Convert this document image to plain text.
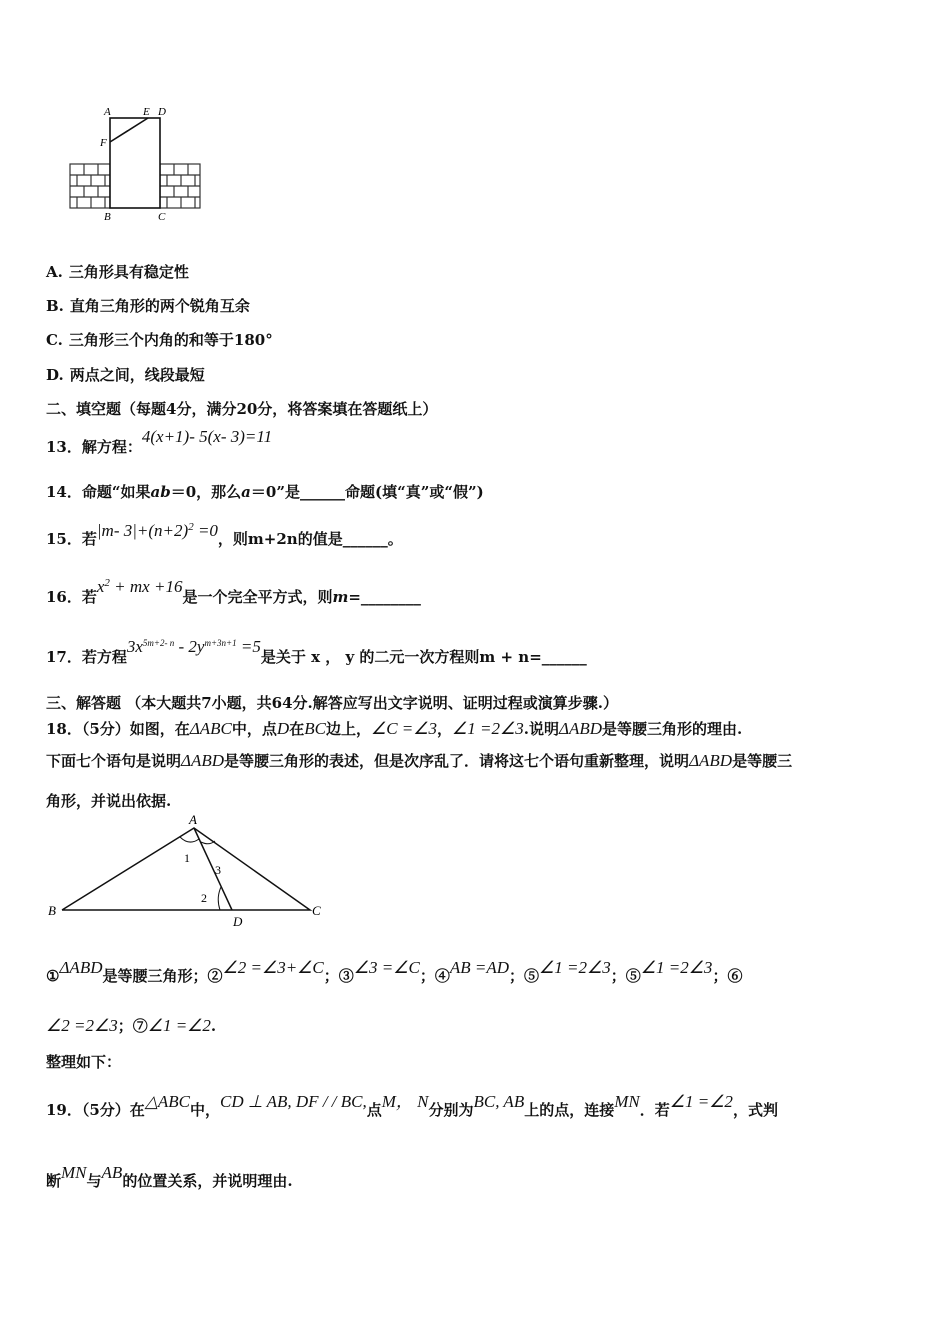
A	E D
F
B	C
A. 三角形具有稳定性
B. 直角三角形的两个锐角互余
C. 三角形三个内角的和等于180°
D. 两点之间，线段最短
二、填空题（每题4分，满分20分，将答案填在答题纸上）
13．解方程：4(x+1)- 5(x- 3)=11
14．命题“如果ab＝0，那么a＝0”是______命题(填“真”或“假”)
15．若|m- $3|+(n+2)^2 =0$，则m+2n的值是______。
16．若$x^2$ + mx +16是一个完全平方式，则m=________
17．若方程$3x^{5m+2- n} - 2y^{m+3n+1} =5$是关于 x ， y 的二元一次方程则m + n=______
三、解答题 （本大题共7小题，共64分.解答应写出文字说明、证明过程或演算步骤.）
18．（5分）如图，在ΔABC中，点D在BC边上，∠C =∠3，∠1 =2∠3.说明ΔABD是等腰三角形的理由.
下面七个语句是说明ΔABD是等腰三角形的表述，但是次序乱了．请将这七个语句重新整理，说明ΔABD是等腰三
角形，并说出依据.
A
B	C
D
1
2
3
①ΔABD是等腰三角形；②∠2 =∠3+∠C；③∠3 =∠C；④AB =AD；⑤∠1 =2∠3；⑤∠1 =2∠3；⑥
∠2 =2∠3；⑦∠1 =∠2.
整理如下：
19．（5分）在△ABC中，CD ⊥ AB, DF / / BC,点M， N分别为BC, AB上的点，连接MN．若∠1 =∠2，式判
断MN与AB的位置关系，并说明理由.
